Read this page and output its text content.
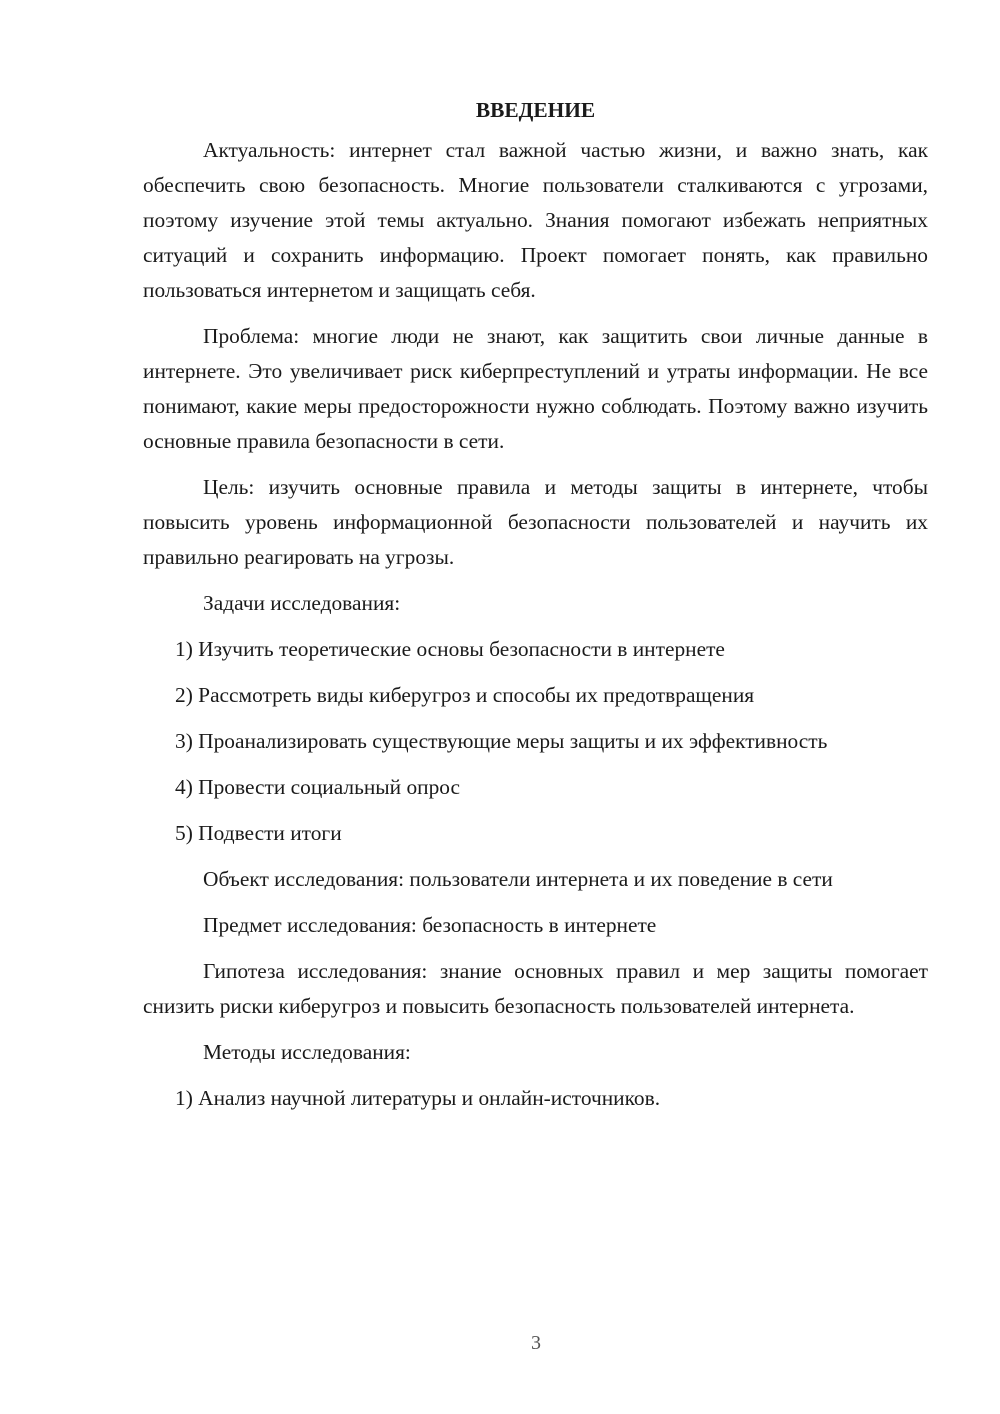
ВВЕДЕНИЕ

Актуальность: интернет стал важной частью жизни, и важно знать, как обеспечить свою безопасность. Многие пользователи сталкиваются с угрозами, поэтому изучение этой темы актуально. Знания помогают избежать неприятных ситуаций и сохранить информацию. Проект помогает понять, как правильно пользоваться интернетом и защищать себя.

Проблема: многие люди не знают, как защитить свои личные данные в интернете. Это увеличивает риск киберпреступлений и утраты информации. Не все понимают, какие меры предосторожности нужно соблюдать. Поэтому важно изучить основные правила безопасности в сети.

Цель: изучить основные правила и методы защиты в интернете, чтобы повысить уровень информационной безопасности пользователей и научить их правильно реагировать на угрозы.

Задачи исследования:

1) Изучить теоретические основы безопасности в интернете

2) Рассмотреть виды киберугроз и способы их предотвращения

3) Проанализировать существующие меры защиты и их эффективность

4) Провести социальный опрос

5) Подвести итоги

Объект исследования: пользователи интернета и их поведение в сети

Предмет исследования: безопасность в интернете

Гипотеза исследования: знание основных правил и мер защиты помогает снизить риски киберугроз и повысить безопасность пользователей интернета.

Методы исследования:

1) Анализ научной литературы и онлайн-источников.

3
